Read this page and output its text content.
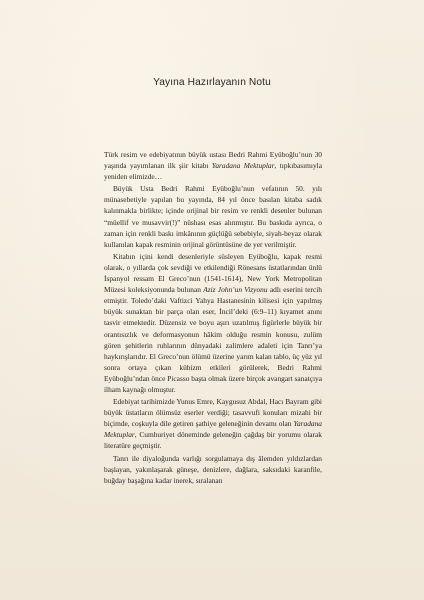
Yayına Hazırlayanın Notu

Türk resim ve edebiyatının büyük ustası Bedri Rahmi Eyüboğlu’nun 30 yaşında yayımlanan ilk şiir kitabı Yaradana Mektuplar, tıpkıbasımıyla yeniden elimizde…

Büyük Usta Bedri Rahmi Eyüboğlu’nun vefatının 50. yılı münasebetiyle yapılan bu yayında, 84 yıl önce basılan kitaba sadık kalınmakla birlikte; içinde orijinal bir resim ve renkli desenler bulunan “müellif ve musavvir(!)” nüshası esas alınmıştır. Bu baskıda ayrıca, o zaman için renkli baskı imkânının güçlüğü sebebiyle, siyah-beyaz olarak kullanılan kapak resminin orijinal görüntüsüne de yer verilmiştir.

Kitabın içini kendi desenleriyle süsleyen Eyüboğlu, kapak resmi olarak, o yıllarda çok sevdiği ve etkilendiği Rönesans üstatlarından ünlü İspanyol ressam El Greco’nun (1541-1614), New York Metropolitan Müzesi koleksiyonunda bulunan Aziz John’un Vizyonu adlı eserini tercih etmiştir. Toledo’daki Vaftizci Yahya Hastanesinin kilisesi için yapılmış büyük sunaktan bir parça olan eser, İncil’deki (6:9–11) kıyamet anını tasvir etmektedir. Düzensiz ve boyu aşırı uzatılmış figürlerle büyük bir orantısızlık ve deformasyonun hâkim olduğu resmin konusu, zulüm gören şehitlerin ruhlarının dünyadaki zalimlere adaleti için Tanrı’ya haykırışlarıdır. El Greco’nun ölümü üzerine yarım kalan tablo, üç yüz yıl sonra ortaya çıkan kübizm etkileri görülerek, Bedri Rahmi Eyüboğlu’ndan önce Picasso başta olmak üzere birçok avangart sanatçıya ilham kaynağı olmuştur.

Edebiyat tarihimizde Yunus Emre, Kaygusuz Abdal, Hacı Bayram gibi büyük üstatların ölümsüz eserler verdiği; tasavvufi konuları mizahi bir biçimde, coşkuyla dile getiren şathiye geleneğinin devamı olan Yaradana Mektuplar, Cumhuriyet döneminde geleneğin çağdaş bir yorumu olarak literatüre geçmiştir.

Tanrı ile diyaloğunda varlığı sorgulamaya dış âlemden yıldızlardan başlayan, yakınlaşarak güneşe, denizlere, dağlara, saksıdaki karanfile, buğday başağına kadar inerek, sıralanan
